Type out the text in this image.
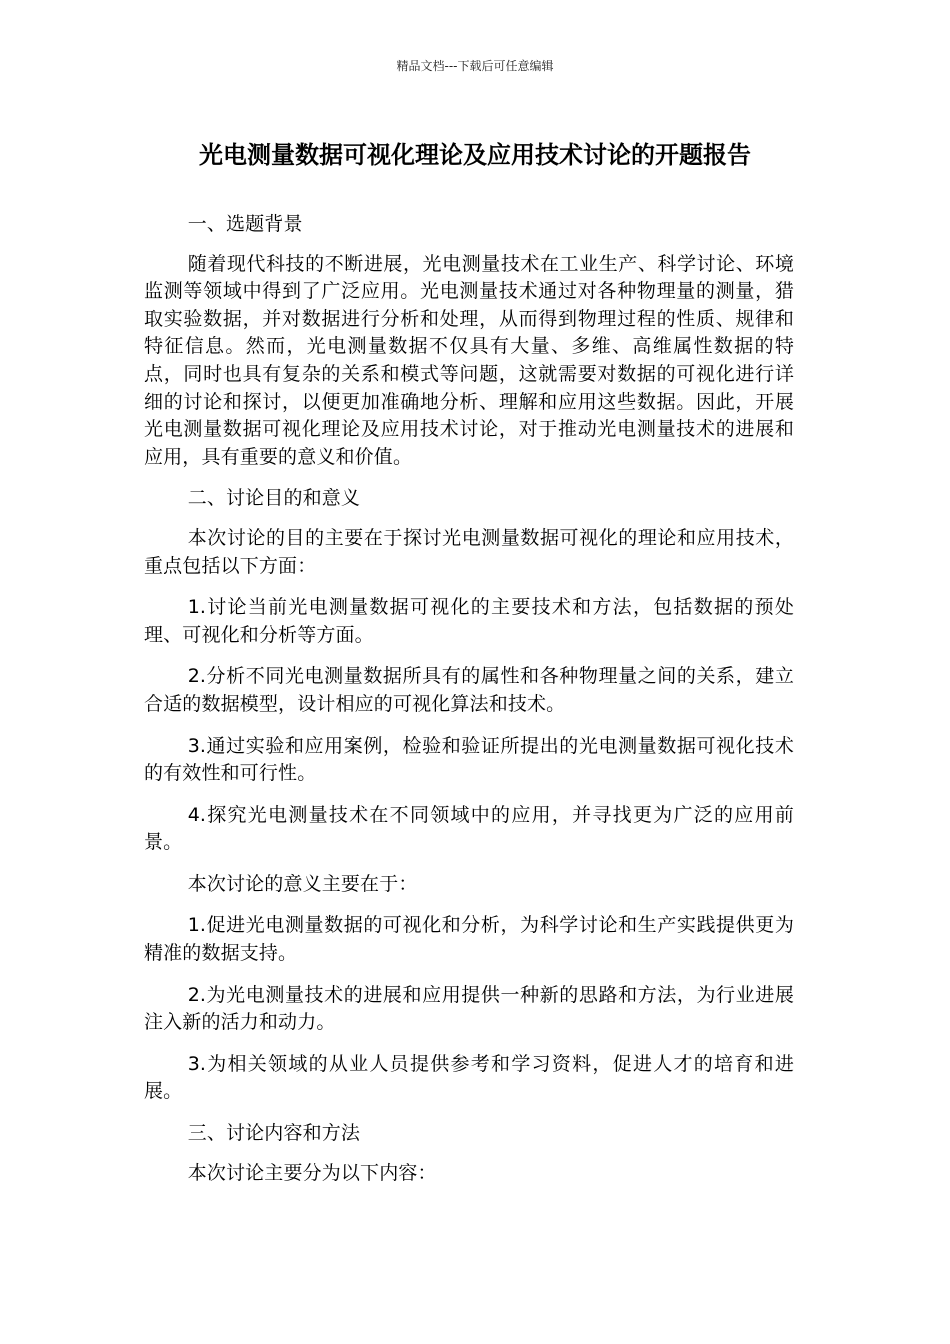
精品文档---下载后可任意编辑
光电测量数据可视化理论及应用技术讨论的开题报告

一、选题背景

随着现代科技的不断进展，光电测量技术在工业生产、科学讨论、环境监测等领域中得到了广泛应用。光电测量技术通过对各种物理量的测量，猎取实验数据，并对数据进行分析和处理，从而得到物理过程的性质、规律和特征信息。然而，光电测量数据不仅具有大量、多维、高维属性数据的特点，同时也具有复杂的关系和模式等问题，这就需要对数据的可视化进行详细的讨论和探讨，以便更加准确地分析、理解和应用这些数据。因此，开展光电测量数据可视化理论及应用技术讨论，对于推动光电测量技术的进展和应用，具有重要的意义和价值。

二、讨论目的和意义

本次讨论的目的主要在于探讨光电测量数据可视化的理论和应用技术，重点包括以下方面：

1.讨论当前光电测量数据可视化的主要技术和方法，包括数据的预处理、可视化和分析等方面。

2.分析不同光电测量数据所具有的属性和各种物理量之间的关系，建立合适的数据模型，设计相应的可视化算法和技术。

3.通过实验和应用案例，检验和验证所提出的光电测量数据可视化技术的有效性和可行性。

4.探究光电测量技术在不同领域中的应用，并寻找更为广泛的应用前景。

本次讨论的意义主要在于：

1.促进光电测量数据的可视化和分析，为科学讨论和生产实践提供更为精准的数据支持。

2.为光电测量技术的进展和应用提供一种新的思路和方法，为行业进展注入新的活力和动力。

3.为相关领域的从业人员提供参考和学习资料，促进人才的培育和进展。

三、讨论内容和方法

本次讨论主要分为以下内容：
